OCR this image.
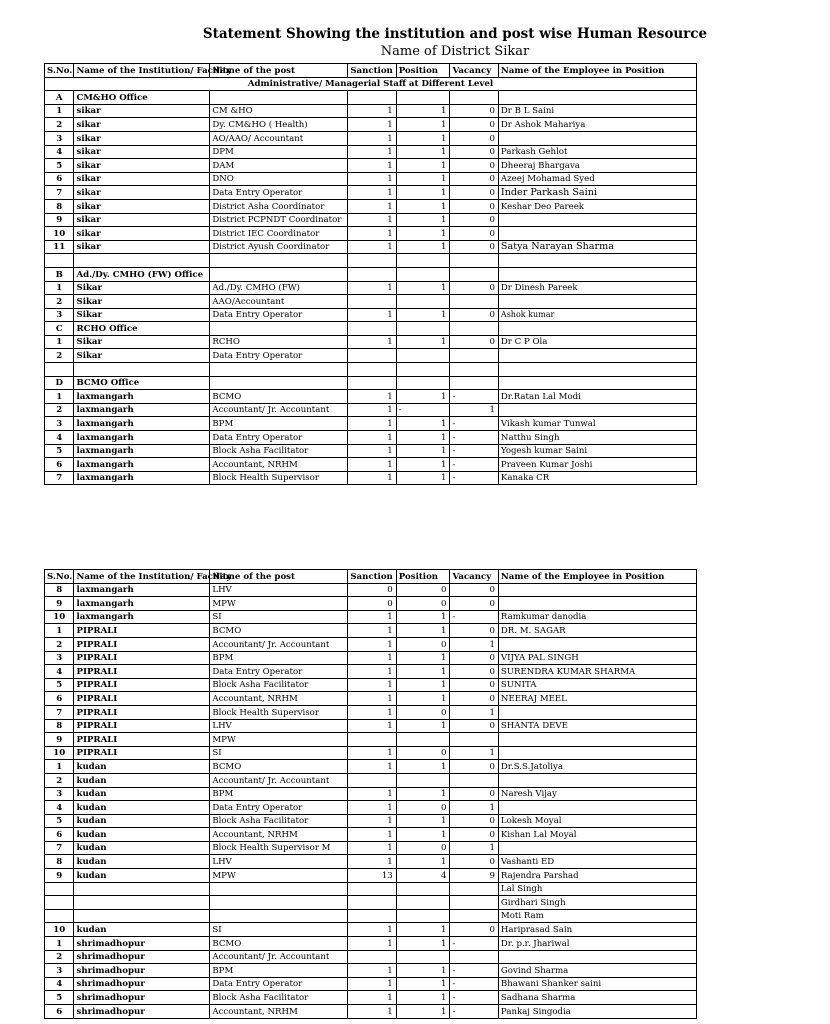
Statement Showing the institution and post wise Human Resource
Name of District Sikar
S.No.	Name of the Institution/ Facility	Name of the post	Sanction	Position	Vacancy	Name of the Employee in Position
Administrative/ Managerial Staff at Different Level						
A	CM&HO Office					
1	sikar	CM &HO	1	1	0	Dr B L Saini
2	sikar	Dy. CM&HO ( Health)	1	1	0	Dr Ashok Mahariya
3	sikar	AO/AAO/ Accountant	1	1	0	
4	sikar	DPM	1	1	0	Parkash Gehlot
5	sikar	DAM	1	1	0	Dheeraj Bhargava
6	sikar	DNO	1	1	0	Azeej Mohamad Syed
7	sikar	Data Entry Operator	1	1	0	Inder Parkash Saini
8	sikar	District Asha Coordinator	1	1	0	Keshar Deo Pareek
9	sikar	District PCPNDT Coordinator	1	1	0	
10	sikar	District IEC Coordinator	1	1	0	
11	sikar	District Ayush Coordinator	1	1	0	Satya Narayan Sharma

B	Ad./Dy. CMHO (FW) Office					
1	Sikar	Ad./Dy. CMHO (FW)	1	1	0	Dr Dinesh Pareek
2	Sikar	AAO/Accountant				
3	Sikar	Data Entry Operator	1	1	0	Ashok kumar
C	RCHO Office					
1	Sikar	RCHO	1	1	0	Dr C P Ola
2	Sikar	Data Entry Operator				

D	BCMO Office					
1	laxmangarh	BCMO	1	1	-	Dr.Ratan Lal Modi
2	laxmangarh	Accountant/ Jr. Accountant	1	-	1	
3	laxmangarh	BPM	1	1	-	Vikash kumar Tunwal
4	laxmangarh	Data Entry Operator	1	1	-	Natthu Singh
5	laxmangarh	Block Asha Facilitator	1	1	-	Yogesh kumar Saini
6	laxmangarh	Accountant, NRHM	1	1	-	Praveen Kumar Joshi
7	laxmangarh	Block Health Supervisor	1	1	-	Kanaka CR
S.No.	Name of the Institution/ Facility	Name of the post	Sanction	Position	Vacancy	Name of the Employee in Position
8	laxmangarh	LHV	0	0	0	
9	laxmangarh	MPW	0	0	0	
10	laxmangarh	SI	1	1	-	Ramkumar danodia
1	PIPRALI	BCMO	1	1	0	DR. M. SAGAR
2	PIPRALI	Accountant/ Jr. Accountant	1	0	1	
3	PIPRALI	BPM	1	1	0	VIJYA PAL SINGH
4	PIPRALI	Data Entry Operator	1	1	0	SURENDRA KUMAR SHARMA
5	PIPRALI	Block Asha Facilitator	1	1	0	SUNITA
6	PIPRALI	Accountant, NRHM	1	1	0	NEERAJ MEEL
7	PIPRALI	Block Health Supervisor	1	0	1	
8	PIPRALI	LHV	1	1	0	SHANTA DEVE
9	PIPRALI	MPW				
10	PIPRALI	SI	1	0	1	
1	kudan	BCMO	1	1	0	Dr.S.S.Jatoliya
2	kudan	Accountant/ Jr. Accountant				
3	kudan	BPM	1	1	0	Naresh Vijay
4	kudan	Data Entry Operator	1	0	1	
5	kudan	Block Asha Facilitator	1	1	0	Lokesh Moyal
6	kudan	Accountant, NRHM	1	1	0	Kishan Lal Moyal
7	kudan	Block Health Supervisor M	1	0	1	
8	kudan	LHV	1	1	0	Vashanti ED
9	kudan	MPW	13	4	9	Rajendra Parshad
						Lal Singh
						Girdhari Singh
						Moti Ram
10	kudan	SI	1	1	0	Hariprasad Sain
1	shrimadhopur	BCMO	1	1	-	Dr. p.r. Jhariwal
2	shrimadhopur	Accountant/ Jr. Accountant				
3	shrimadhopur	BPM	1	1	-	Govind Sharma
4	shrimadhopur	Data Entry Operator	1	1	-	Bhawani Shanker saini
5	shrimadhopur	Block Asha Facilitator	1	1	-	Sadhana Sharma
6	shrimadhopur	Accountant, NRHM	1	1	-	Pankaj Singodia
